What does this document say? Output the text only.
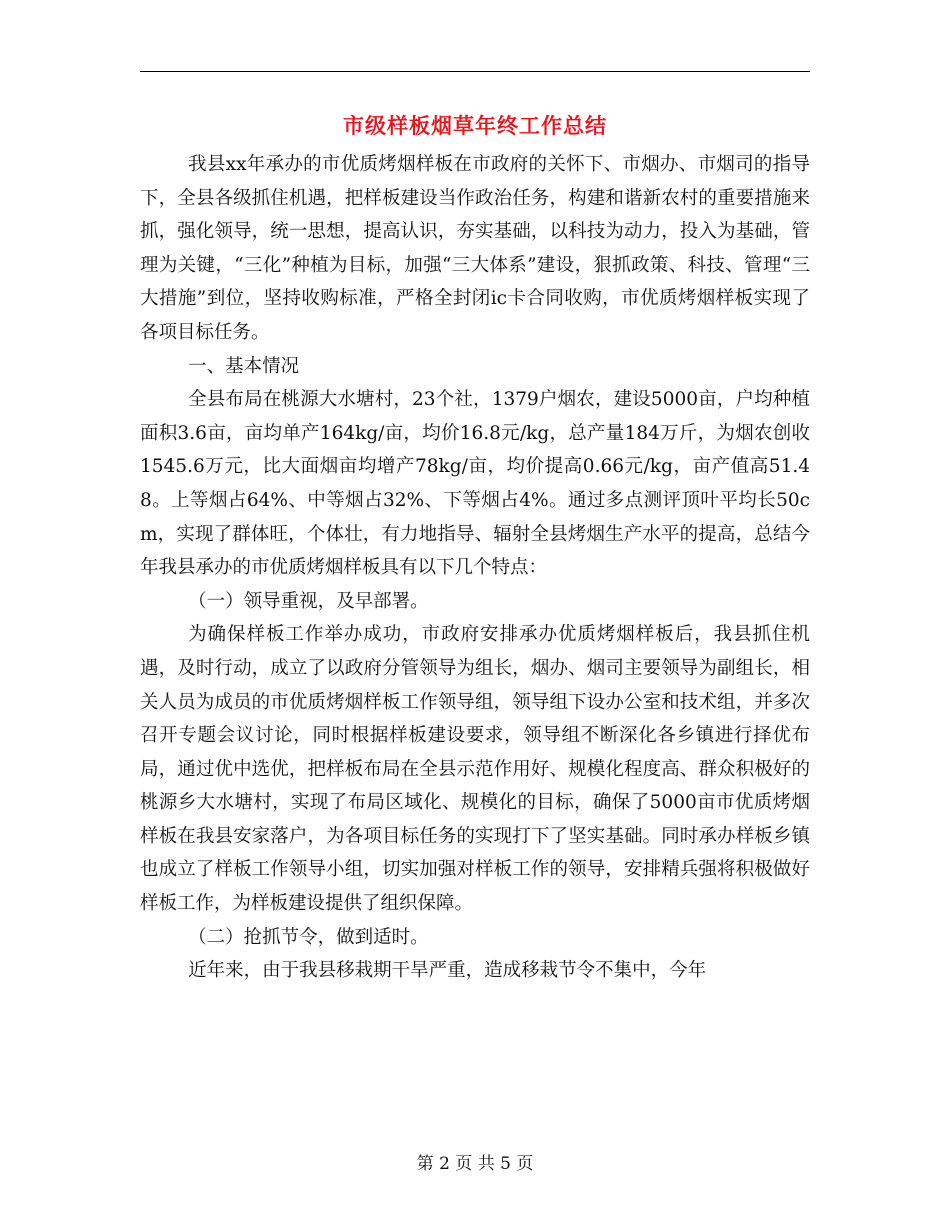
市级样板烟草年终工作总结

我县xx年承办的市优质烤烟样板在市政府的关怀下、市烟办、市烟司的指导下，全县各级抓住机遇，把样板建设当作政治任务，构建和谐新农村的重要措施来抓，强化领导，统一思想，提高认识，夯实基础，以科技为动力，投入为基础，管理为关键，“三化”种植为目标，加强“三大体系”建设，狠抓政策、科技、管理“三大措施”到位，坚持收购标准，严格全封闭ic卡合同收购，市优质烤烟样板实现了各项目标任务。

一、基本情况

全县布局在桃源大水塘村，23个社，1379户烟农，建设5000亩，户均种植面积3.6亩，亩均单产164kg/亩，均价16.8元/kg，总产量184万斤，为烟农创收1545.6万元，比大面烟亩均增产78kg/亩，均价提高0.66元/kg，亩产值高51.48。上等烟占64%、中等烟占32%、下等烟占4%。通过多点测评顶叶平均长50cm，实现了群体旺，个体壮，有力地指导、辐射全县烤烟生产水平的提高，总结今年我县承办的市优质烤烟样板具有以下几个特点：

（一）领导重视，及早部署。

为确保样板工作举办成功，市政府安排承办优质烤烟样板后，我县抓住机遇，及时行动，成立了以政府分管领导为组长，烟办、烟司主要领导为副组长，相关人员为成员的市优质烤烟样板工作领导组，领导组下设办公室和技术组，并多次召开专题会议讨论，同时根据样板建设要求，领导组不断深化各乡镇进行择优布局，通过优中选优，把样板布局在全县示范作用好、规模化程度高、群众积极好的桃源乡大水塘村，实现了布局区域化、规模化的目标，确保了5000亩市优质烤烟样板在我县安家落户，为各项目标任务的实现打下了坚实基础。同时承办样板乡镇也成立了样板工作领导小组，切实加强对样板工作的领导，安排精兵强将积极做好样板工作，为样板建设提供了组织保障。

（二）抢抓节令，做到适时。

近年来，由于我县移栽期干旱严重，造成移栽节令不集中，今年

第 2 页 共 5 页
